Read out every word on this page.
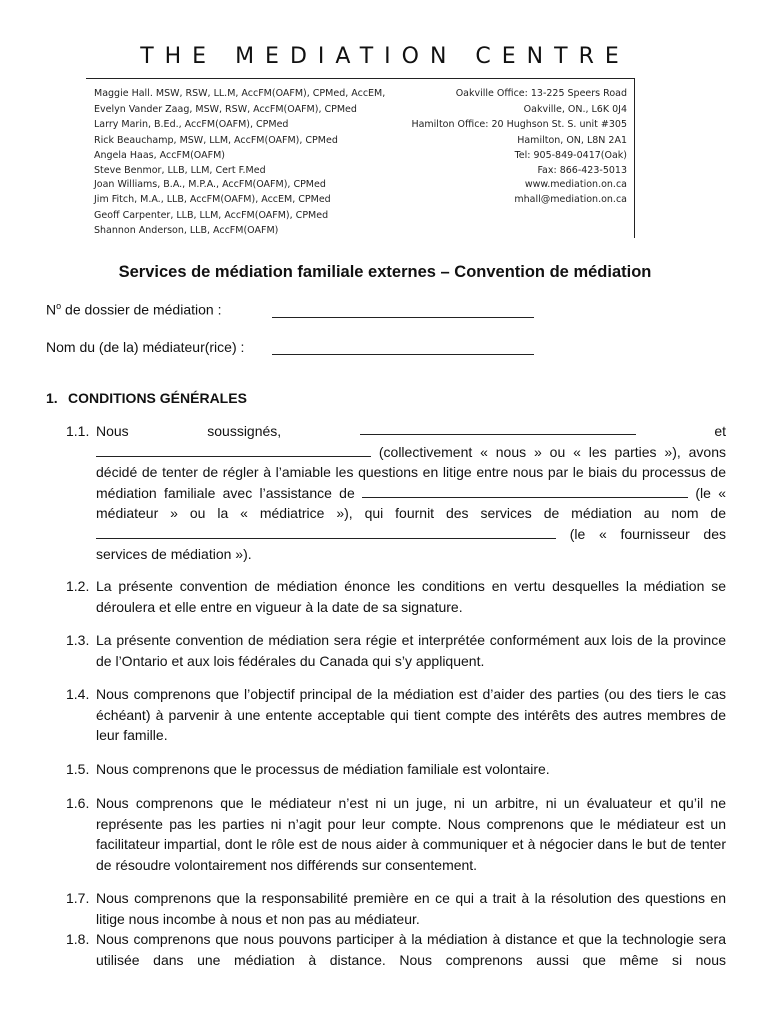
THE MEDIATION CENTRE
Maggie Hall. MSW, RSW, LL.M, AccFM(OAFM), CPMed, AccEM,
Evelyn Vander Zaag, MSW, RSW, AccFM(OAFM), CPMed
Larry Marin, B.Ed., AccFM(OAFM), CPMed
Rick Beauchamp, MSW, LLM, AccFM(OAFM), CPMed
Angela Haas, AccFM(OAFM)
Steve Benmor, LLB, LLM, Cert F.Med
Joan Williams, B.A., M.P.A., AccFM(OAFM), CPMed
Jim Fitch, M.A., LLB, AccFM(OAFM), AccEM, CPMed
Geoff Carpenter, LLB, LLM, AccFM(OAFM), CPMed
Shannon Anderson, LLB, AccFM(OAFM)
Oakville Office: 13-225 Speers Road
Oakville, ON., L6K 0J4
Hamilton Office: 20 Hughson St. S. unit #305
Hamilton, ON, L8N 2A1
Tel: 905-849-0417(Oak)
Fax: 866-423-5013
www.mediation.on.ca
mhall@mediation.on.ca
Services de médiation familiale externes – Convention de médiation
$N^o$ de dossier de médiation :
Nom du (de la) médiateur(rice) :
1. CONDITIONS GÉNÉRALES
1.1. Nous	soussignés,	et
(collectivement « nous » ou « les parties »), avons décidé de tenter de régler à l’amiable les questions en litige entre nous par le biais du processus de médiation familiale avec l’assistance de	(le « médiateur » ou la « médiatrice »), qui fournit des services de médiation au nom de  (le « fournisseur des services de médiation »).
1.2. La présente convention de médiation énonce les conditions en vertu desquelles la médiation se déroulera et elle entre en vigueur à la date de sa signature.
1.3. La présente convention de médiation sera régie et interprétée conformément aux lois de la province de l’Ontario et aux lois fédérales du Canada qui s’y appliquent.
1.4. Nous comprenons que l’objectif principal de la médiation est d’aider des parties (ou des tiers le cas échéant) à parvenir à une entente acceptable qui tient compte des intérêts des autres membres de leur famille.
1.5. Nous comprenons que le processus de médiation familiale est volontaire.
1.6. Nous comprenons que le médiateur n’est ni un juge, ni un arbitre, ni un évaluateur et qu’il ne représente pas les parties ni n’agit pour leur compte. Nous comprenons que le médiateur est un facilitateur impartial, dont le rôle est de nous aider à communiquer et à négocier dans le but de tenter de résoudre volontairement nos différends sur consentement.
1.7. Nous comprenons que la responsabilité première en ce qui a trait à la résolution des questions en litige nous incombe à nous et non pas au médiateur.
1.8. Nous comprenons que nous pouvons participer à la médiation à distance et que la technologie sera utilisée dans une médiation à distance. Nous comprenons aussi que même si nous
